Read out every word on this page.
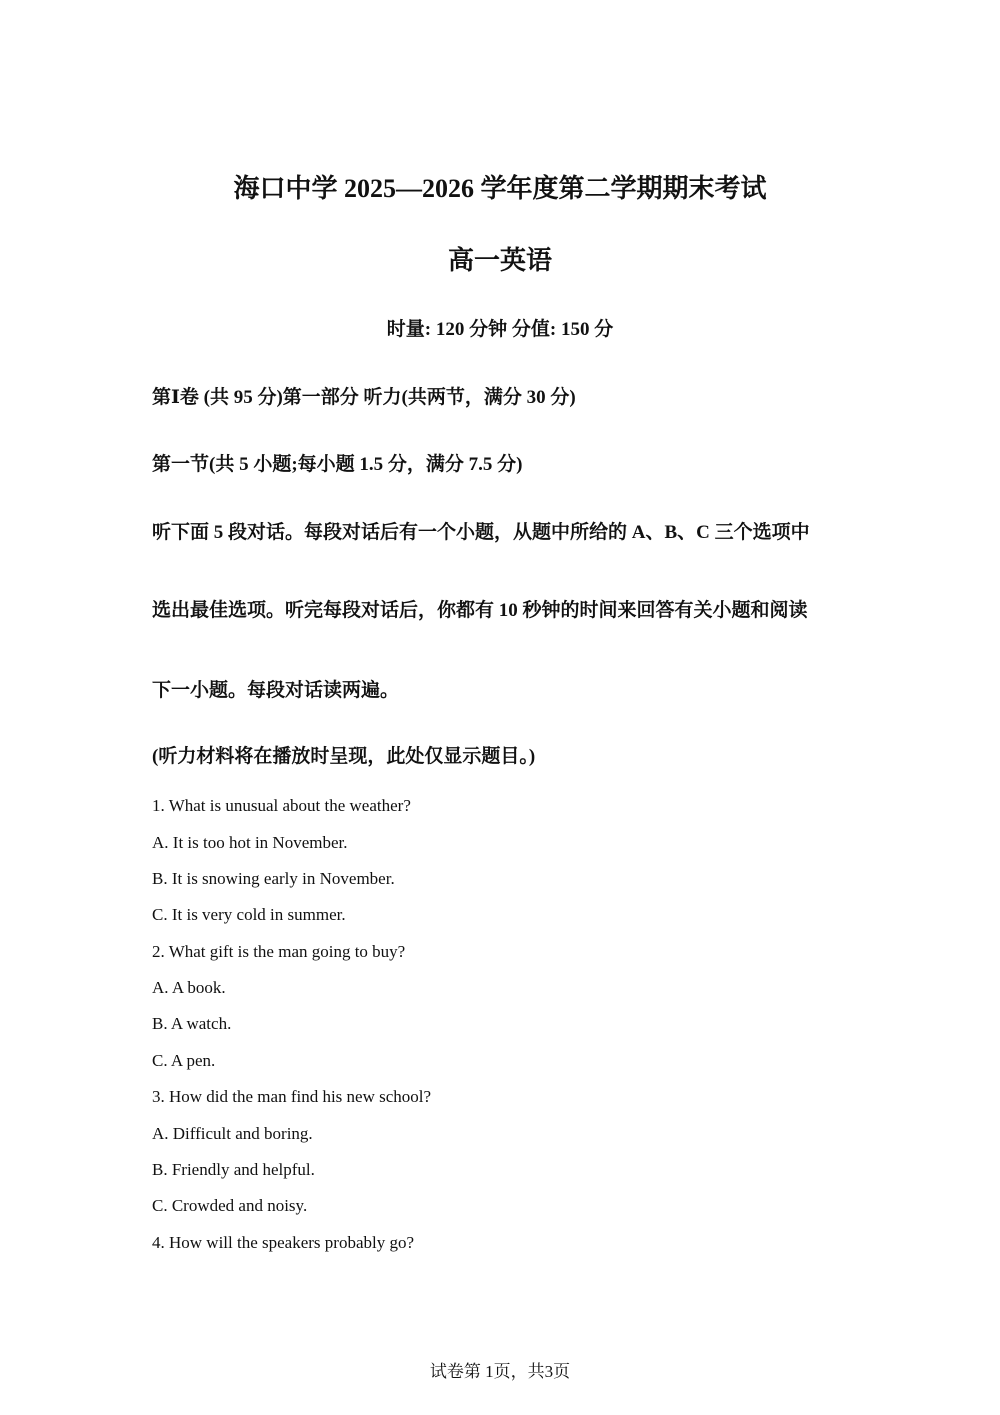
海口中学 2025—2026 学年度第二学期期末考试
高一英语
时量: 120 分钟 分值: 150 分
第Ⅰ卷 (共 95 分)第一部分 听力(共两节，满分 30 分)
第一节(共 5 小题;每小题 1.5 分，满分 7.5 分)
听下面 5 段对话。每段对话后有一个小题，从题中所给的 A、B、C 三个选项中
选出最佳选项。听完每段对话后，你都有 10 秒钟的时间来回答有关小题和阅读
下一小题。每段对话读两遍。
(听力材料将在播放时呈现，此处仅显示题目。)
1. What is unusual about the weather?
A. It is too hot in November.
B. It is snowing early in November.
C. It is very cold in summer.
2. What gift is the man going to buy?
A. A book.
B. A watch.
C. A pen.
3. How did the man find his new school?
A. Difficult and boring.
B. Friendly and helpful.
C. Crowded and noisy.
4. How will the speakers probably go?
试卷第 1页，共3页
